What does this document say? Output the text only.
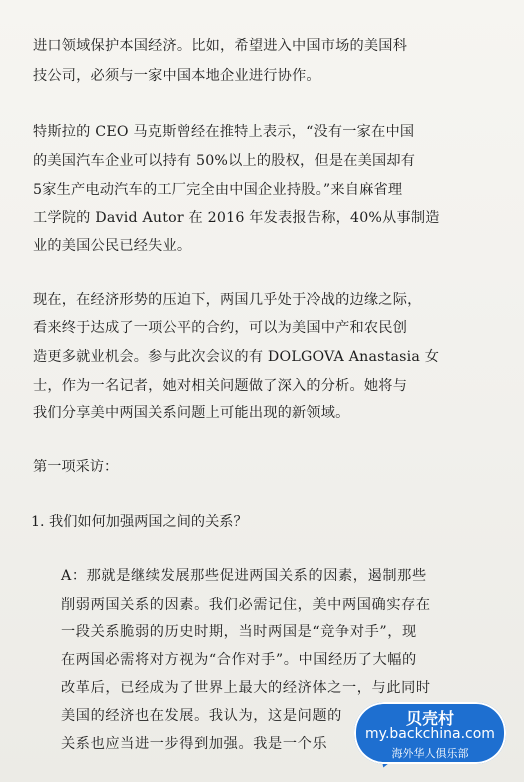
进口领域保护本国经济。比如，希望进入中国市场的美国科
技公司，必须与一家中国本地企业进行协作。
特斯拉的 CEO 马克斯曾经在推特上表示，“没有一家在中国
的美国汽车企业可以持有 50%以上的股权，但是在美国却有
5家生产电动汽车的工厂完全由中国企业持股。”来自麻省理
工学院的 David Autor 在 2016 年发表报告称，40%从事制造
业的美国公民已经失业。
现在，在经济形势的压迫下，两国几乎处于冷战的边缘之际，
看来终于达成了一项公平的合约，可以为美国中产和农民创
造更多就业机会。参与此次会议的有 DOLGOVA Anastasia 女
士，作为一名记者，她对相关问题做了深入的分析。她将与
我们分享美中两国关系问题上可能出现的新领域。
第一项采访：
1. 我们如何加强两国之间的关系？
A：那就是继续发展那些促进两国关系的因素，遏制那些
削弱两国关系的因素。我们必需记住，美中两国确实存在
一段关系脆弱的历史时期，当时两国是“竞争对手”，现
在两国必需将对方视为“合作对手”。中国经历了大幅的
改革后，已经成为了世界上最大的经济体之一，与此同时
美国的经济也在发展。我认为，这是问题的
关系也应当进一步得到加强。我是一个乐
贝壳村
my.backchina.com
海外华人俱乐部
